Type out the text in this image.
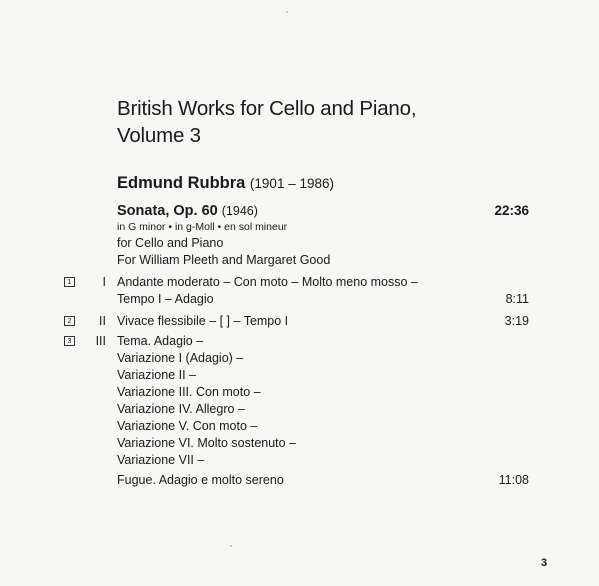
British Works for Cello and Piano,
Volume 3

Edmund Rubbra (1901 – 1986)

Sonata, Op. 60 (1946)	22:36
in G minor • in g-Moll • en sol mineur
for Cello and Piano
For William Pleeth and Margaret Good
1	I Andante moderato – Con moto – Molto meno mosso –
Tempo I – Adagio	8:11
2	II Vivace flessibile – [ ] – Tempo I	3:19
3	III Tema. Adagio –
Variazione I (Adagio) –
Variazione II –
Variazione III. Con moto –
Variazione IV. Allegro –
Variazione V. Con moto –
Variazione VI. Molto sostenuto –
Variazione VII –
Fugue. Adagio e molto sereno	11:08
3
